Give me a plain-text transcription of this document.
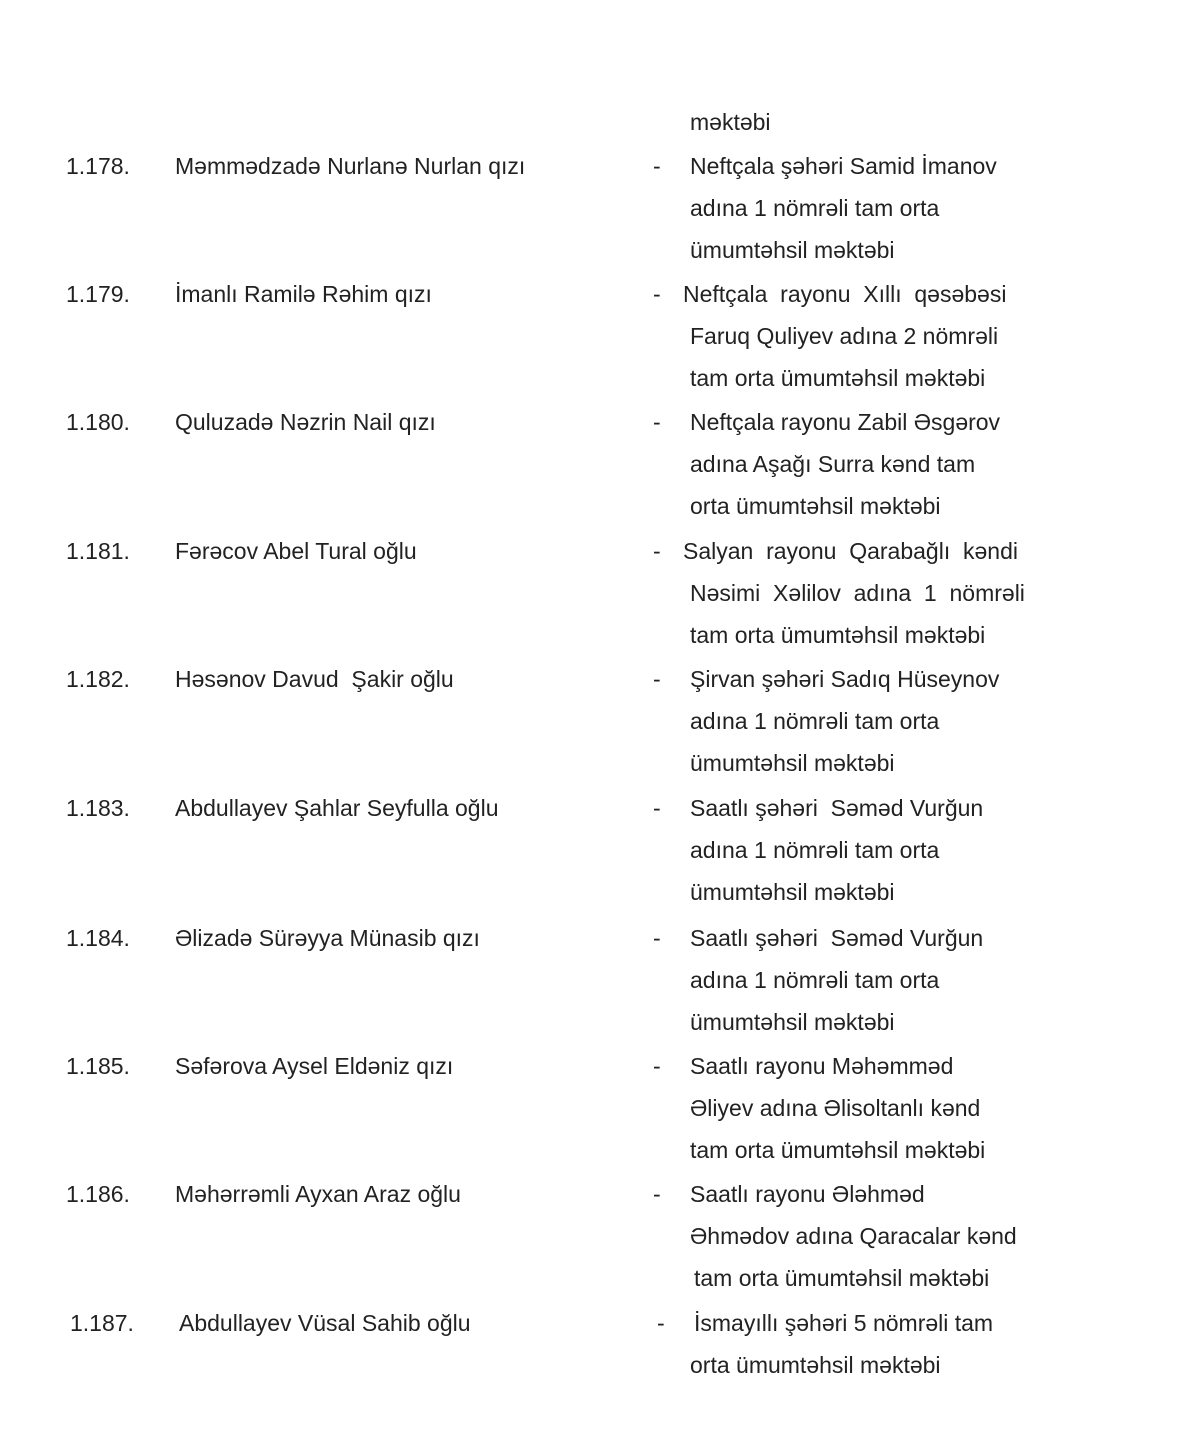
məktəbi
1.178. Məmmədzadə Nurlanə Nurlan qızı	- Neftçala şəhəri Samid İmanov
adına 1 nömrəli tam orta
ümumtəhsil məktəbi
1.179. İmanlı Ramilə Rəhim qızı	- Neftçala  rayonu  Xıllı  qəsəbəsi
Faruq Quliyev adına 2 nömrəli
tam orta ümumtəhsil məktəbi
1.180. Quluzadə Nəzrin Nail qızı	- Neftçala rayonu Zabil Əsgərov
adına Aşağı Surra kənd tam
orta ümumtəhsil məktəbi
1.181. Fərəcov Abel Tural oğlu	- Salyan  rayonu  Qarabağlı  kəndi
Nəsimi  Xəlilov  adına  1  nömrəli
tam orta ümumtəhsil məktəbi
1.182. Həsənov Davud  Şakir oğlu	- Şirvan şəhəri Sadıq Hüseynov
adına 1 nömrəli tam orta
ümumtəhsil məktəbi
1.183. Abdullayev Şahlar Seyfulla oğlu	- Saatlı şəhəri  Səməd Vurğun
adına 1 nömrəli tam orta
ümumtəhsil məktəbi
1.184. Əlizadə Sürəyya Münasib qızı	- Saatlı şəhəri  Səməd Vurğun
adına 1 nömrəli tam orta
ümumtəhsil məktəbi
1.185. Səfərova Aysel Eldəniz qızı	- Saatlı rayonu Məhəmməd
Əliyev adına Əlisoltanlı kənd
tam orta ümumtəhsil məktəbi
1.186. Məhərrəmli Ayxan Araz oğlu	- Saatlı rayonu Ələhməd
Əhmədov adına Qaracalar kənd
tam orta ümumtəhsil məktəbi
1.187. Abdullayev Vüsal Sahib oğlu	- İsmayıllı şəhəri 5 nömrəli tam
orta ümumtəhsil məktəbi
